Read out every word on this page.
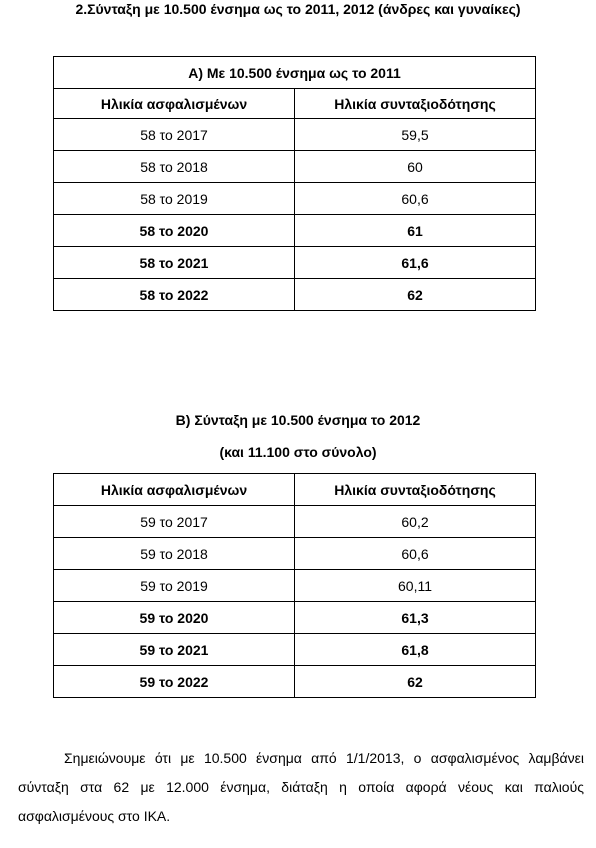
2.Σύνταξη με 10.500 ένσημα ως το 2011, 2012 (άνδρες και γυναίκες)
Α) Με 10.500 ένσημα ως το 2011	
Ηλικία ασφαλισμένων	Ηλικία συνταξιοδότησης
58 το 2017	59,5
58 το 2018	60
58 το 2019	60,6
58 το 2020	61
58 το 2021	61,6
58 το 2022	62
Β) Σύνταξη με 10.500 ένσημα το 2012
(και 11.100 στο σύνολο)
Ηλικία ασφαλισμένων	Ηλικία συνταξιοδότησης
59 το 2017	60,2
59 το 2018	60,6
59 το 2019	60,11
59 το 2020	61,3
59 το 2021	61,8
59 το 2022	62

Σημειώνουμε ότι με 10.500 ένσημα από 1/1/2013, ο ασφαλισμένος λαμβάνει σύνταξη στα 62 με 12.000 ένσημα, διάταξη η οποία αφορά νέους και παλιούς ασφαλισμένους στο ΙΚΑ.
